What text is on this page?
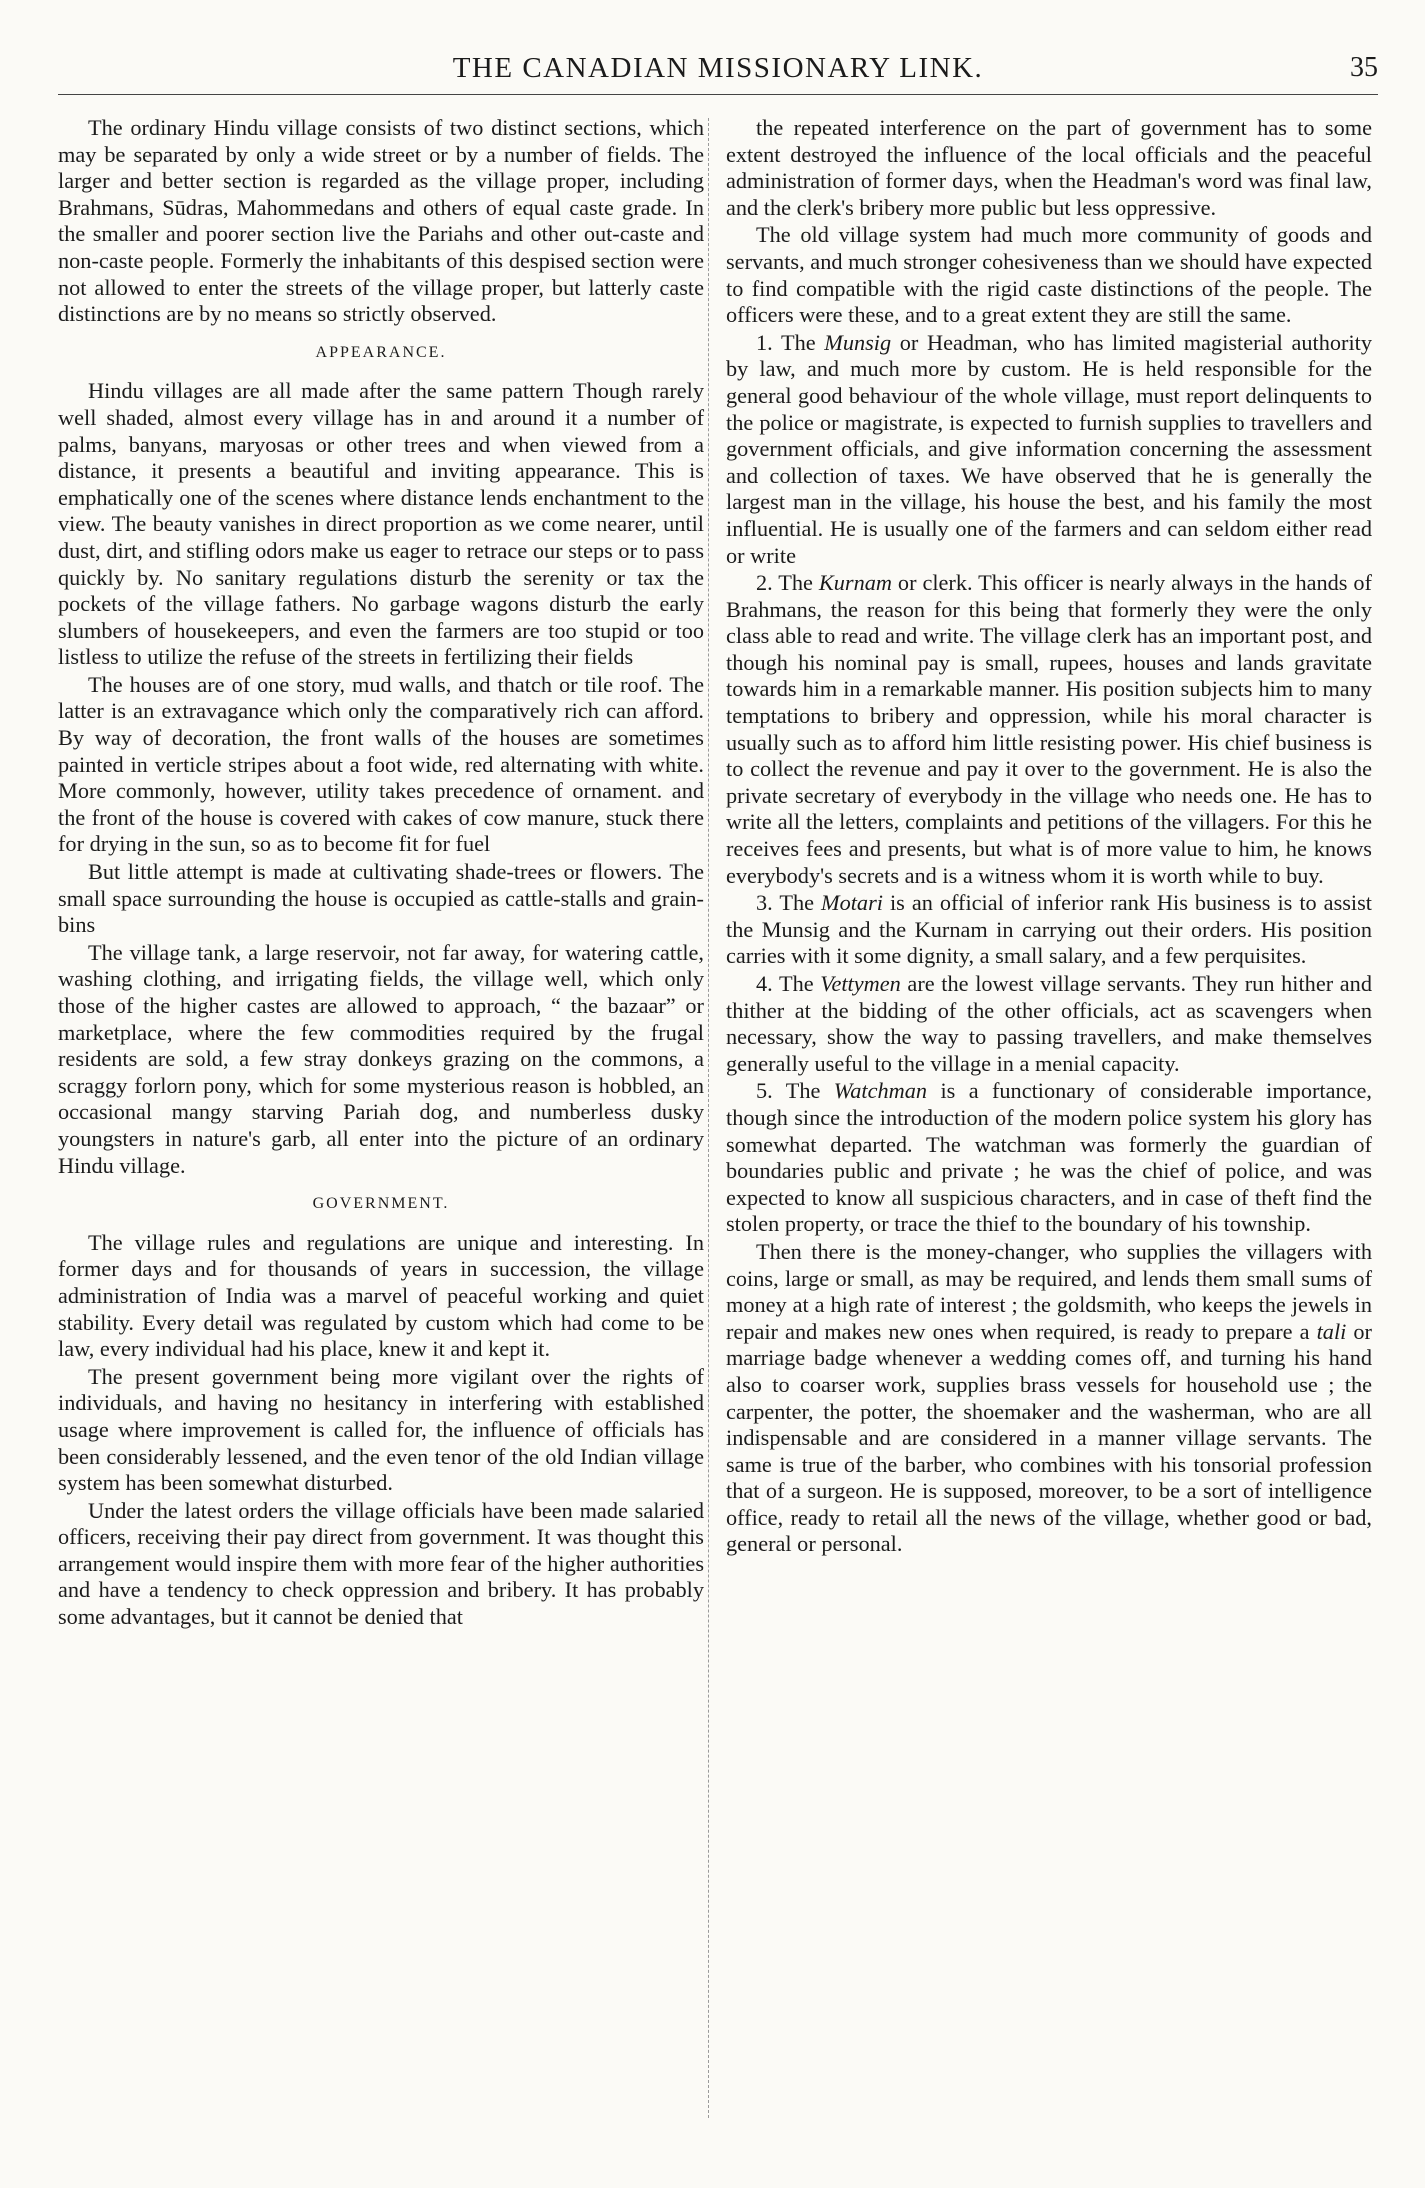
THE CANADIAN MISSIONARY LINK.	35

The ordinary Hindu village consists of two distinct sections, which may be separated by only a wide street or by a number of fields. The larger and better section is regarded as the village proper, including Brahmans, Sūdras, Mahommedans and others of equal caste grade. In the smaller and poorer section live the Pariahs and other out-caste and non-caste people. Formerly the inhabitants of this despised section were not allowed to enter the streets of the village proper, but latterly caste distinctions are by no means so strictly observed.

APPEARANCE.

Hindu villages are all made after the same pattern Though rarely well shaded, almost every village has in and around it a number of palms, banyans, maryosas or other trees and when viewed from a distance, it presents a beautiful and inviting appearance. This is emphatically one of the scenes where distance lends enchantment to the view. The beauty vanishes in direct proportion as we come nearer, until dust, dirt, and stifling odors make us eager to retrace our steps or to pass quickly by. No sanitary regulations disturb the serenity or tax the pockets of the village fathers. No garbage wagons disturb the early slumbers of housekeepers, and even the farmers are too stupid or too listless to utilize the refuse of the streets in fertilizing their fields

The houses are of one story, mud walls, and thatch or tile roof. The latter is an extravagance which only the comparatively rich can afford. By way of decoration, the front walls of the houses are sometimes painted in verticle stripes about a foot wide, red alternating with white. More commonly, however, utility takes precedence of ornament. and the front of the house is covered with cakes of cow manure, stuck there for drying in the sun, so as to become fit for fuel

But little attempt is made at cultivating shade-trees or flowers. The small space surrounding the house is occupied as cattle-stalls and grain-bins

The village tank, a large reservoir, not far away, for watering cattle, washing clothing, and irrigating fields, the village well, which only those of the higher castes are allowed to approach, “ the bazaar” or marketplace, where the few commodities required by the frugal residents are sold, a few stray donkeys grazing on the commons, a scraggy forlorn pony, which for some mysterious reason is hobbled, an occasional mangy starving Pariah dog, and numberless dusky youngsters in nature's garb, all enter into the picture of an ordinary Hindu village.

GOVERNMENT.

The village rules and regulations are unique and interesting. In former days and for thousands of years in succession, the village administration of India was a marvel of peaceful working and quiet stability. Every detail was regulated by custom which had come to be law, every individual had his place, knew it and kept it.

The present government being more vigilant over the rights of individuals, and having no hesitancy in interfering with established usage where improvement is called for, the influence of officials has been considerably lessened, and the even tenor of the old Indian village system has been somewhat disturbed.

Under the latest orders the village officials have been made salaried officers, receiving their pay direct from government. It was thought this arrangement would inspire them with more fear of the higher authorities and have a tendency to check oppression and bribery. It has probably some advantages, but it cannot be denied that

the repeated interference on the part of government has to some extent destroyed the influence of the local officials and the peaceful administration of former days, when the Headman's word was final law, and the clerk's bribery more public but less oppressive.

The old village system had much more community of goods and servants, and much stronger cohesiveness than we should have expected to find compatible with the rigid caste distinctions of the people. The officers were these, and to a great extent they are still the same.

1. The Munsig or Headman, who has limited magisterial authority by law, and much more by custom. He is held responsible for the general good behaviour of the whole village, must report delinquents to the police or magistrate, is expected to furnish supplies to travellers and government officials, and give information concerning the assessment and collection of taxes. We have observed that he is generally the largest man in the village, his house the best, and his family the most influential. He is usually one of the farmers and can seldom either read or write

2. The Kurnam or clerk. This officer is nearly always in the hands of Brahmans, the reason for this being that formerly they were the only class able to read and write. The village clerk has an important post, and though his nominal pay is small, rupees, houses and lands gravitate towards him in a remarkable manner. His position subjects him to many temptations to bribery and oppression, while his moral character is usually such as to afford him little resisting power. His chief business is to collect the revenue and pay it over to the government. He is also the private secretary of everybody in the village who needs one. He has to write all the letters, complaints and petitions of the villagers. For this he receives fees and presents, but what is of more value to him, he knows everybody's secrets and is a witness whom it is worth while to buy.

3. The Motari is an official of inferior rank His business is to assist the Munsig and the Kurnam in carrying out their orders. His position carries with it some dignity, a small salary, and a few perquisites.

4. The Vettymen are the lowest village servants. They run hither and thither at the bidding of the other officials, act as scavengers when necessary, show the way to passing travellers, and make themselves generally useful to the village in a menial capacity.

5. The Watchman is a functionary of considerable importance, though since the introduction of the modern police system his glory has somewhat departed. The watchman was formerly the guardian of boundaries public and private ; he was the chief of police, and was expected to know all suspicious characters, and in case of theft find the stolen property, or trace the thief to the boundary of his township.

Then there is the money-changer, who supplies the villagers with coins, large or small, as may be required, and lends them small sums of money at a high rate of interest ; the goldsmith, who keeps the jewels in repair and makes new ones when required, is ready to prepare a tali or marriage badge whenever a wedding comes off, and turning his hand also to coarser work, supplies brass vessels for household use ; the carpenter, the potter, the shoemaker and the washerman, who are all indispensable and are considered in a manner village servants. The same is true of the barber, who combines with his tonsorial profession that of a surgeon. He is supposed, moreover, to be a sort of intelligence office, ready to retail all the news of the village, whether good or bad, general or personal.
